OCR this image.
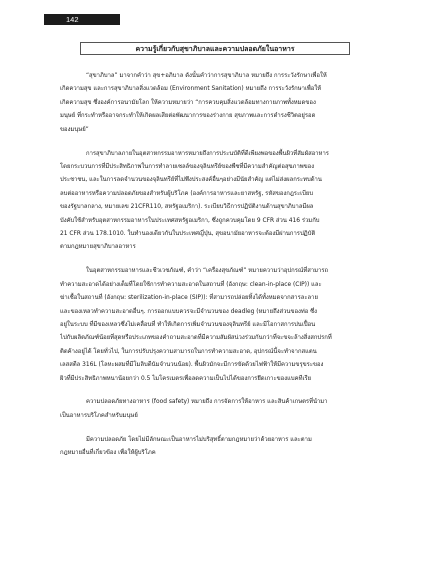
142
ความรู้เกี่ยวกับสุขาภิบาลและความปลอดภัยในอาหาร
“สุขาภิบาล” มาจากคำว่า สุข+อภิบาล ดังนั้นคำว่าการสุขาภิบาล หมายถึง การระวังรักษาเพื่อให้
เกิดความสุข และการสุขาภิบาลสิ่งแวดล้อม (Environment Sanitation) หมายถึง การระวังรักษาเพื่อให้
เกิดความสุข ซึ่งองค์การอนามัยโลก ให้ความหมายว่า “การควบคุมสิ่งแวดล้อมทางกายภาพทั้งหมดของ
มนุษย์ ที่กระทำหรืออาจกระทำให้เกิดผลเสียต่อพัฒนาการของร่างกาย สุขภาพและการดำรงชีวิตอยู่รอด
ของมนุษย์”
การสุขาภิบาลภายในอุตสาหกรรมอาหารหมายถึงการประนบัติที่ดีเพียงพอของพื้นผิวที่สัมผัสอาหาร
โดยกระบวนการที่มีประสิทธิภาพในการทำลายเซลล์ของจุลินทรีย์ของพืชที่มีความสำคัญต่อสุขภาพของ
ประชาชน, และในการลดจำนวนของจุลินทรีย์ที่ไม่พึงประสงค์อื่นๆอย่างมีนัยสำคัญ แต่ไม่ส่งผลกระทบด้าน
ลบต่ออาหารหรือความปลอดภัยของสำหรับผู้บริโภค (องค์การอาหารและยาสหรัฐ, รหัสของกฎระเบียบ
ของรัฐบาลกลาง, หมายเลข 21CFR110, สหรัฐอเมริกา). ระเบียบวิธีการปฏิบัติงานด้านสุขาภิบาลมีผล
บังคับใช้สำหรับอุตสาหกรรมอาหารในประเทศสหรัฐอเมริกา, ซึ่งถูกควบคุมโดย 9 CFR ส่วน 416 ร่วมกับ
21 CFR ส่วน 178.1010. ในทำนองเดียวกันในประเทศญี่ปุ่น, สุขอนามัยอาหารจะต้องมีผ่านการปฏิบัติ
ตามกฎหมายสุขาภิบาลอาหาร
ในอุตสาหกรรมอาหารและชีวเวชภัณฑ์, คำว่า “เครื่องสุขภัณฑ์” หมายความว่าอุปกรณ์ที่สามารถ
ทำความสะอาดได้อย่างเต็มที่โดยใช้การทำความสะอาดในสถานที่ (อังกฤษ: clean-in-place (CIP)) และ
ฆ่าเชื้อในสถานที่ (อังกฤษ: sterilization-in-place (SIP)): ที่สามารถปล่อยทิ้งได้ทั้งหมดจากสารละลาย
และของเหลวทำความสะอาดอื่นๆ. การออกแบบควรจะมีจำนวนของ deadleg (หมายถึงส่วนของท่อ ซึ่ง
อยู่ในระบบ ที่มีของเหลวซึ่งไม่เคลื่อนที่ ทำให้เกิดการเพิ่มจำนวนของจุลินทรีย์ และมีโอกาสการปนเปื้อน
ไปกับผลิตภัณฑ์น้อยที่สุดหรือประเภทของคำถามสะอาดที่มีความสัมผัสน่วงร่วมกันกว่าที่จะขจะล้างสิ่งสกปรกที่
ติดค้างอยู่ได้ โดยทั่วไป, ในการปรับปรุงความสามารถในการทำความสะอาด, อุปกรณ์นี้จะทำจากสแตน
เลสสตีล 316L (โลหะผสมที่มีโมลิบดีนัมจำนวนน้อย). พื้นผิวมักจะมีการขัดด้วยไฟฟ้าให้มีความขรุขระของ
ผิวที่มีประสิทธิภาพหนาน้อยกว่า 0.5 ไมโครเมตรเพื่อลดความเป็นไปได้ของการยึดเกาะของแบคทีเรีย
ความปลอดภัยทางอาหาร (food safety) หมายถึง การจัดการให้อาหาร และสินค้าเกษตรที่นำมา
เป็นอาหารบริโภคสำหรับมนุษย์
มีความปลอดภัย โดยไม่มีลักษณะเป็นอาหารไม่บริสุทธิ์ตามกฎหมายว่าด้วยอาหาร และตาม
กฎหมายอื่นที่เกี่ยวข้อง เพื่อให้ผู้บริโภค
